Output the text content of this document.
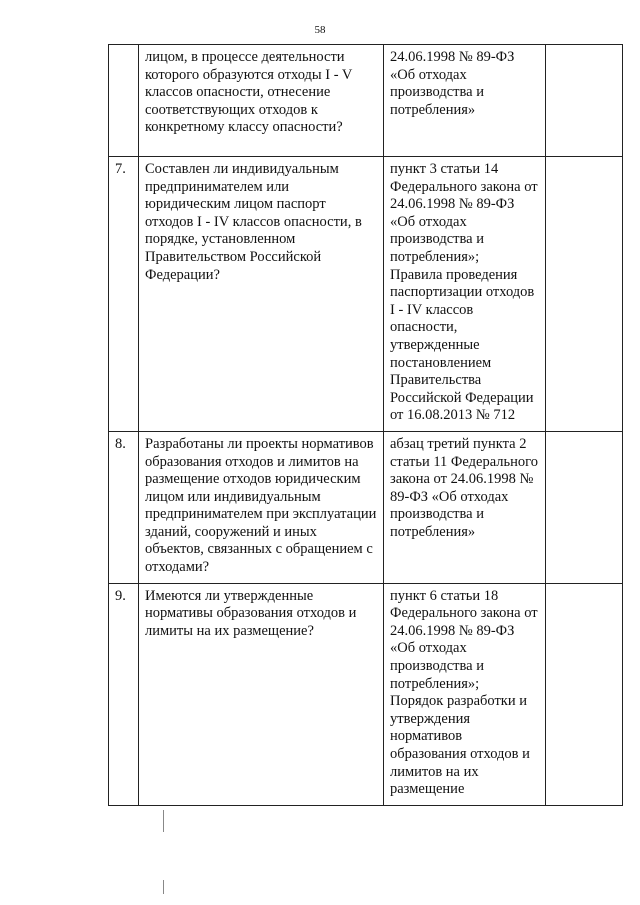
58
	лицом, в процессе деятельности которого образуются отходы I - V классов опасности, отнесение соответствующих отходов к конкретному классу опасности?	24.06.1998 № 89-ФЗ «Об отходах производства и потребления»	

7.	Составлен ли индивидуальным предпринимателем или юридическим лицом паспорт отходов I - IV классов опасности, в порядке, установленном Правительством Российской Федерации?	пункт 3 статьи 14 Федерального закона от 24.06.1998 № 89-ФЗ «Об отходах производства и потребления»;
Правила проведения паспортизации отходов I - IV классов опасности, утвержденные постановлением Правительства Российской Федерации от 16.08.2013 № 712	

8.	Разработаны ли проекты нормативов образования отходов и лимитов на размещение отходов юридическим лицом или индивидуальным предпринимателем при эксплуатации зданий, сооружений и иных объектов, связанных с обращением с отходами?	абзац третий пункта 2 статьи 11 Федерального закона от 24.06.1998 № 89-ФЗ «Об отходах производства и потребления»	

9.	Имеются ли утвержденные нормативы образования отходов и лимиты на их размещение?	пункт 6 статьи 18 Федерального закона от 24.06.1998 № 89-ФЗ «Об отходах производства и потребления»;
Порядок разработки и утверждения нормативов образования отходов и лимитов на их размещение	
